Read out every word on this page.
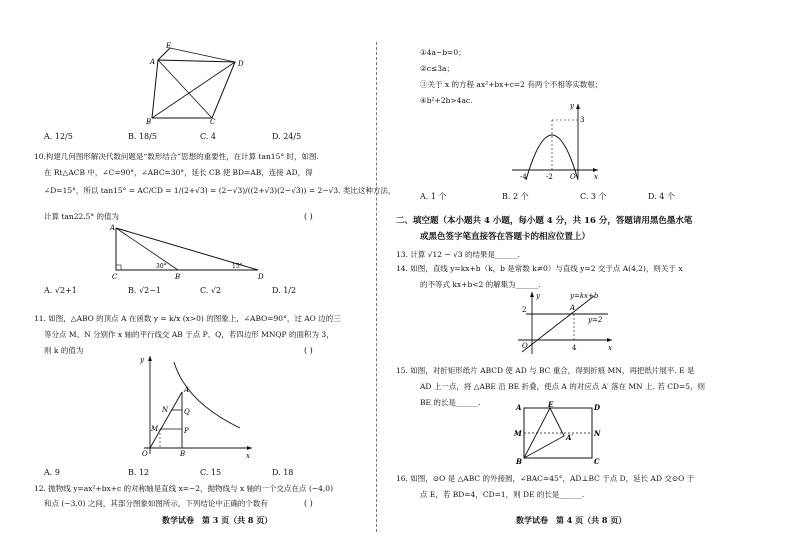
E
A	D
B	C
A. 12/5	B. 18/5	C. 4	D. 24/5
10.构建几何图形解决代数问题是“数形结合”思想的重要性，在计算 tan15° 时，如图.
在 Rt△ACB 中，∠C=90°，∠ABC=30°，延长 CB 使 BD=AB，连接 AD，得
∠D=15°，所以 tan15° = AC/CD = 1/(2+√3) = (2−√3)/((2+√3)(2−√3)) = 2−√3. 类比这种方法，
计算 tan22.5° 的值为	( )
A
C	B	D
30°	15°
A. √2+1	B. √2−1	C. √2	D. 1/2
11. 如图，△ABO 的顶点 A 在函数 y = k/x (x>0) 的图象上，∠ABO=90°，过 AO 边的三
等分点 M、N 分别作 x 轴的平行线交 AB 于点 P、Q，若四边形 MNQP 的面积为 3，
则 k 的值为	( )
y
A
N Q
M	P
O	B	x
A. 9	B. 12	C. 15	D. 18
12. 抛物线 y=ax²+bx+c 的对称轴是直线 x=−2，抛物线与 x 轴的一个交点在点 (−4,0)
和点 (−3,0) 之间，其部分图象如图所示，下列结论中正确的个数有	( )
数学试卷　第 3 页（共 8 页）
①4a−b=0；
②c≤3a；
③关于 x 的方程 ax²+bx+c=2 有两个不相等实数根；
④b²+2b>4ac.
y
3
-4	-2 O	x
A. 1 个	B. 2 个	C. 3 个	D. 4 个
二、填空题（本小题共 4 小题，每小题 4 分，共 16 分，答题请用黑色墨水笔
或黑色签字笔直接答在答题卡的相应位置上）
13. 计算 √12 − √3 的结果是______.
14. 如图，直线 y=kx+b（k，b 是常数 k≠0）与直线 y=2 交于点 A(4,2)，则关于 x
的不等式 kx+b<2 的解集为______.
y	y=kx+b
A
2
y=2
O	4	x
15. 如图，对折矩形纸片 ABCD 使 AD 与 BC 重合，得到折痕 MN，再把纸片展平. E 是
AD 上一点，将 △ABE 沿 BE 折叠，使点 A 的对应点 A′ 落在 MN 上. 若 CD=5，则
BE 的长是______.
A	E	D
M	A′	N
B	C
16. 如图，⊙O 是 △ABC 的外接圆，∠BAC=45°，AD⊥BC 于点 D，延长 AD 交⊙O 于
点 E，若 BD=4，CD=1，则 DE 的长是______.
数学试卷　第 4 页（共 8 页）
